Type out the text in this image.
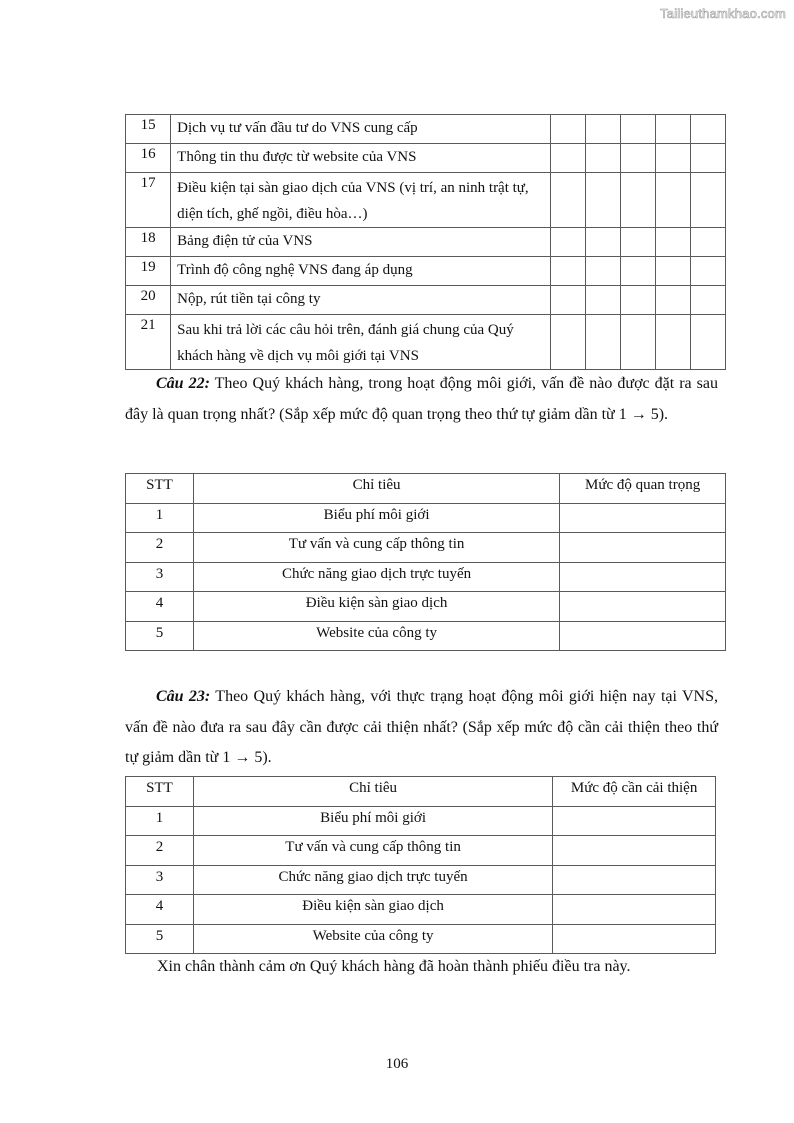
Tailieuthamkhao.com
15	Dịch vụ tư vấn đầu tư do VNS cung cấp					
16	Thông tin thu được từ website của VNS					
17	Điều kiện tại sàn giao dịch của VNS (vị trí, an ninh trật tự, diện tích, ghế ngồi, điều hòa…)					
18	Bảng điện tử của VNS					
19	Trình độ công nghệ VNS đang áp dụng					
20	Nộp, rút tiền tại công ty					
21	Sau khi trả lời các câu hỏi trên, đánh giá chung của Quý khách hàng về dịch vụ môi giới tại VNS					

Câu 22: Theo Quý khách hàng, trong hoạt động môi giới, vấn đề nào được đặt ra sau đây là quan trọng nhất? (Sắp xếp mức độ quan trọng theo thứ tự giảm dần từ 1 → 5).

STT	Chỉ tiêu	Mức độ quan trọng
1	Biểu phí môi giới	
2	Tư vấn và cung cấp thông tin	
3	Chức năng giao dịch trực tuyến	
4	Điều kiện sàn giao dịch	
5	Website của công ty	

Câu 23: Theo Quý khách hàng, với thực trạng hoạt động môi giới hiện nay tại VNS, vấn đề nào đưa ra sau đây cần được cải thiện nhất? (Sắp xếp mức độ cần cải thiện theo thứ tự giảm dần từ 1 → 5).

STT	Chỉ tiêu	Mức độ cần cải thiện
1	Biểu phí môi giới	
2	Tư vấn và cung cấp thông tin	
3	Chức năng giao dịch trực tuyến	
4	Điều kiện sàn giao dịch	
5	Website của công ty	
Xin chân thành cảm ơn Quý khách hàng đã hoàn thành phiếu điều tra này.
106
